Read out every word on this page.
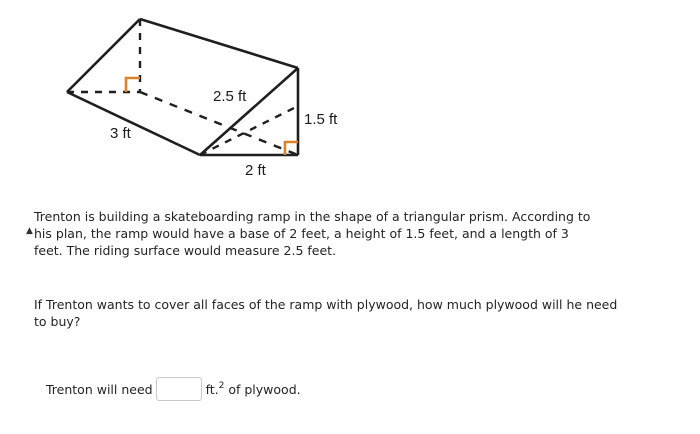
3 ft
2.5 ft
1.5 ft
2 ft
▲

Trenton is building a skateboarding ramp in the shape of a triangular prism. According to his plan, the ramp would have a base of 2 feet, a height of 1.5 feet, and a length of 3 feet. The riding surface would measure 2.5 feet.

If Trenton wants to cover all faces of the ramp with plywood, how much plywood will he need to buy?

Trenton will need	ft.$^2$ of plywood.
